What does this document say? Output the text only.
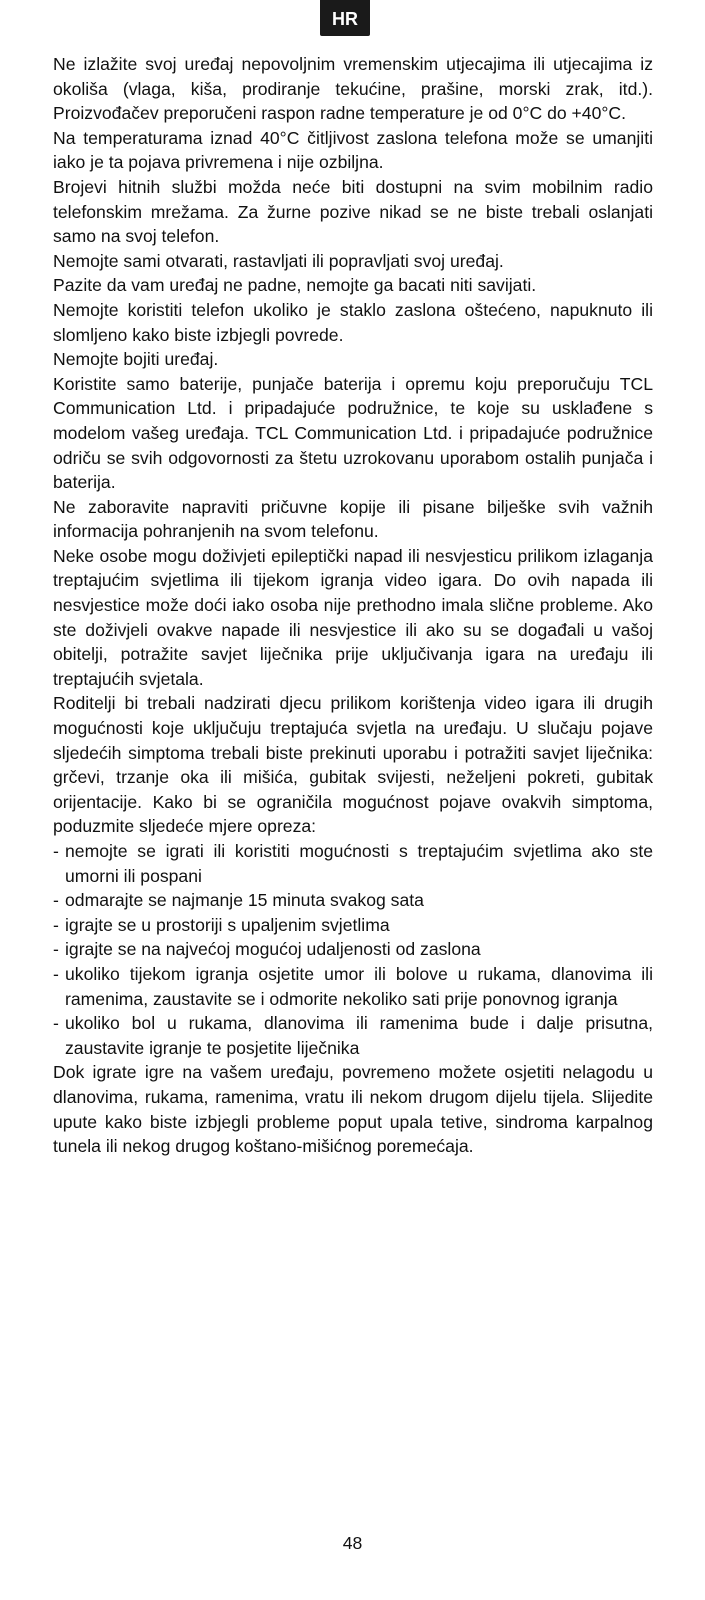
HR

Ne izlažite svoj uređaj nepovoljnim vremenskim utjecajima ili utjecajima iz okoliša (vlaga, kiša, prodiranje tekućine, prašine, morski zrak, itd.). Proizvođačev preporučeni raspon radne temperature je od 0°C do +40°C.

Na temperaturama iznad 40°C čitljivost zaslona telefona može se umanjiti iako je ta pojava privremena i nije ozbiljna.

Brojevi hitnih službi možda neće biti dostupni na svim mobilnim radio telefonskim mrežama. Za žurne pozive nikad se ne biste trebali oslanjati samo na svoj telefon.

Nemojte sami otvarati, rastavljati ili popravljati svoj uređaj.

Pazite da vam uređaj ne padne, nemojte ga bacati niti savijati.

Nemojte koristiti telefon ukoliko je staklo zaslona oštećeno, napuknuto ili slomljeno kako biste izbjegli povrede.

Nemojte bojiti uređaj.

Koristite samo baterije, punjače baterija i opremu koju preporučuju TCL Communication Ltd. i pripadajuće podružnice, te koje su usklađene s modelom vašeg uređaja. TCL Communication Ltd. i pripadajuće podružnice odriču se svih odgovornosti za štetu uzrokovanu uporabom ostalih punjača i baterija.

Ne zaboravite napraviti pričuvne kopije ili pisane bilješke svih važnih informacija pohranjenih na svom telefonu.

Neke osobe mogu doživjeti epileptički napad ili nesvjesticu prilikom izlaganja treptajućim svjetlima ili tijekom igranja video igara. Do ovih napada ili nesvjestice može doći iako osoba nije prethodno imala slične probleme. Ako ste doživjeli ovakve napade ili nesvjestice ili ako su se događali u vašoj obitelji, potražite savjet liječnika prije uključivanja igara na uređaju ili treptajućih svjetala.

Roditelji bi trebali nadzirati djecu prilikom korištenja video igara ili drugih mogućnosti koje uključuju treptajuća svjetla na uređaju. U slučaju pojave sljedećih simptoma trebali biste prekinuti uporabu i potražiti savjet liječnika: grčevi, trzanje oka ili mišića, gubitak svijesti, neželjeni pokreti, gubitak orijentacije. Kako bi se ograničila mogućnost pojave ovakvih simptoma, poduzmite sljedeće mjere opreza:

- nemojte se igrati ili koristiti mogućnosti s treptajućim svjetlima ako ste umorni ili pospani
- odmarajte se najmanje 15 minuta svakog sata
- igrajte se u prostoriji s upaljenim svjetlima
- igrajte se na najvećoj mogućoj udaljenosti od zaslona
- ukoliko tijekom igranja osjetite umor ili bolove u rukama, dlanovima ili ramenima, zaustavite se i odmorite nekoliko sati prije ponovnog igranja
- ukoliko bol u rukama, dlanovima ili ramenima bude i dalje prisutna, zaustavite igranje te posjetite liječnika

Dok igrate igre na vašem uređaju, povremeno možete osjetiti nelagodu u dlanovima, rukama, ramenima, vratu ili nekom drugom dijelu tijela. Slijedite upute kako biste izbjegli probleme poput upala tetive, sindroma karpalnog tunela ili nekog drugog koštano-mišićnog poremećaja.

48
